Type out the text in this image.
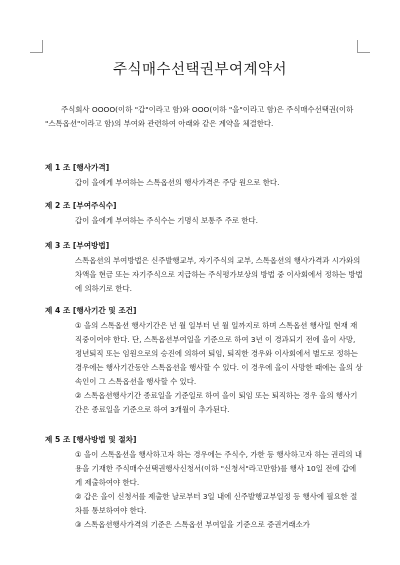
주식매수선택권부여계약서
주식회사 OOOO(이하 "갑"이라고 함)와 OOO(이하 "을"이라고 함)은 주식매수선택권(이하 "스톡옵션"이라고 함)의 부여와 관련하여 아래와 같은 계약을 체결한다.
제 1 조 [행사가격]

갑이 을에게 부여하는 스톡옵션의 행사가격은 주당 원으로 한다.

제 2 조 [부여주식수]

갑이 을에게 부여하는 주식수는 기명식 보통주 주로 한다.

제 3 조 [부여방법]

스톡옵션의 부여방법은 신주발행교부, 자기주식의 교부, 스톡옵션의 행사가격과 시가와의 차액을 현금 또는 자기주식으로 지급하는 주식평가보상의 방법 중 이사회에서 정하는 방법에 의하기로 한다.

제 4 조 [행사기간 및 조건]

① 을의 스톡옵션 행사기간은 년 월 일부터 년 월 일까지로 하며 스톡옵션 행사일 현재 재직중이어야 한다. 단, 스톡옵션부여일을 기준으로 하여 3년 이 경과되기 전에 을이 사망, 정년퇴직 또는 임원으로의 승진에 의하여 퇴임, 퇴직한 경우와 이사회에서 별도로 정하는 경우에는 행사기간동안 스톡옵션을 행사할 수 있다. 이 경우에 을이 사망한 때에는 을의 상속인이 그 스톡옵션을 행사할 수 있다.

② 스톡옵션행사기간 종료일을 기준일로 하여 을이 퇴임 또는 퇴직하는 경우 을의 행사기간은 종료일을 기준으로 하여 3개월이 추가된다.

제 5 조 [행사방법 및 절차]

① 을이 스톡옵션을 행사하고자 하는 경우에는 주식수, 가한 등 행사하고자 하는 권리의 내용을 기재한 주식매수선택권행사신청서(이하 "신청서"라고만함)를 행사 10일 전에 갑에게 제출하여야 한다.

② 갑은 을이 신청서를 제출한 날로부터 3일 내에 신주발행교부일정 등 행사에 필요한 절차를 통보하여야 한다.

③ 스톡옵션행사가격의 기준은 스톡옵션 부여일을 기준으로 증권거래소가
